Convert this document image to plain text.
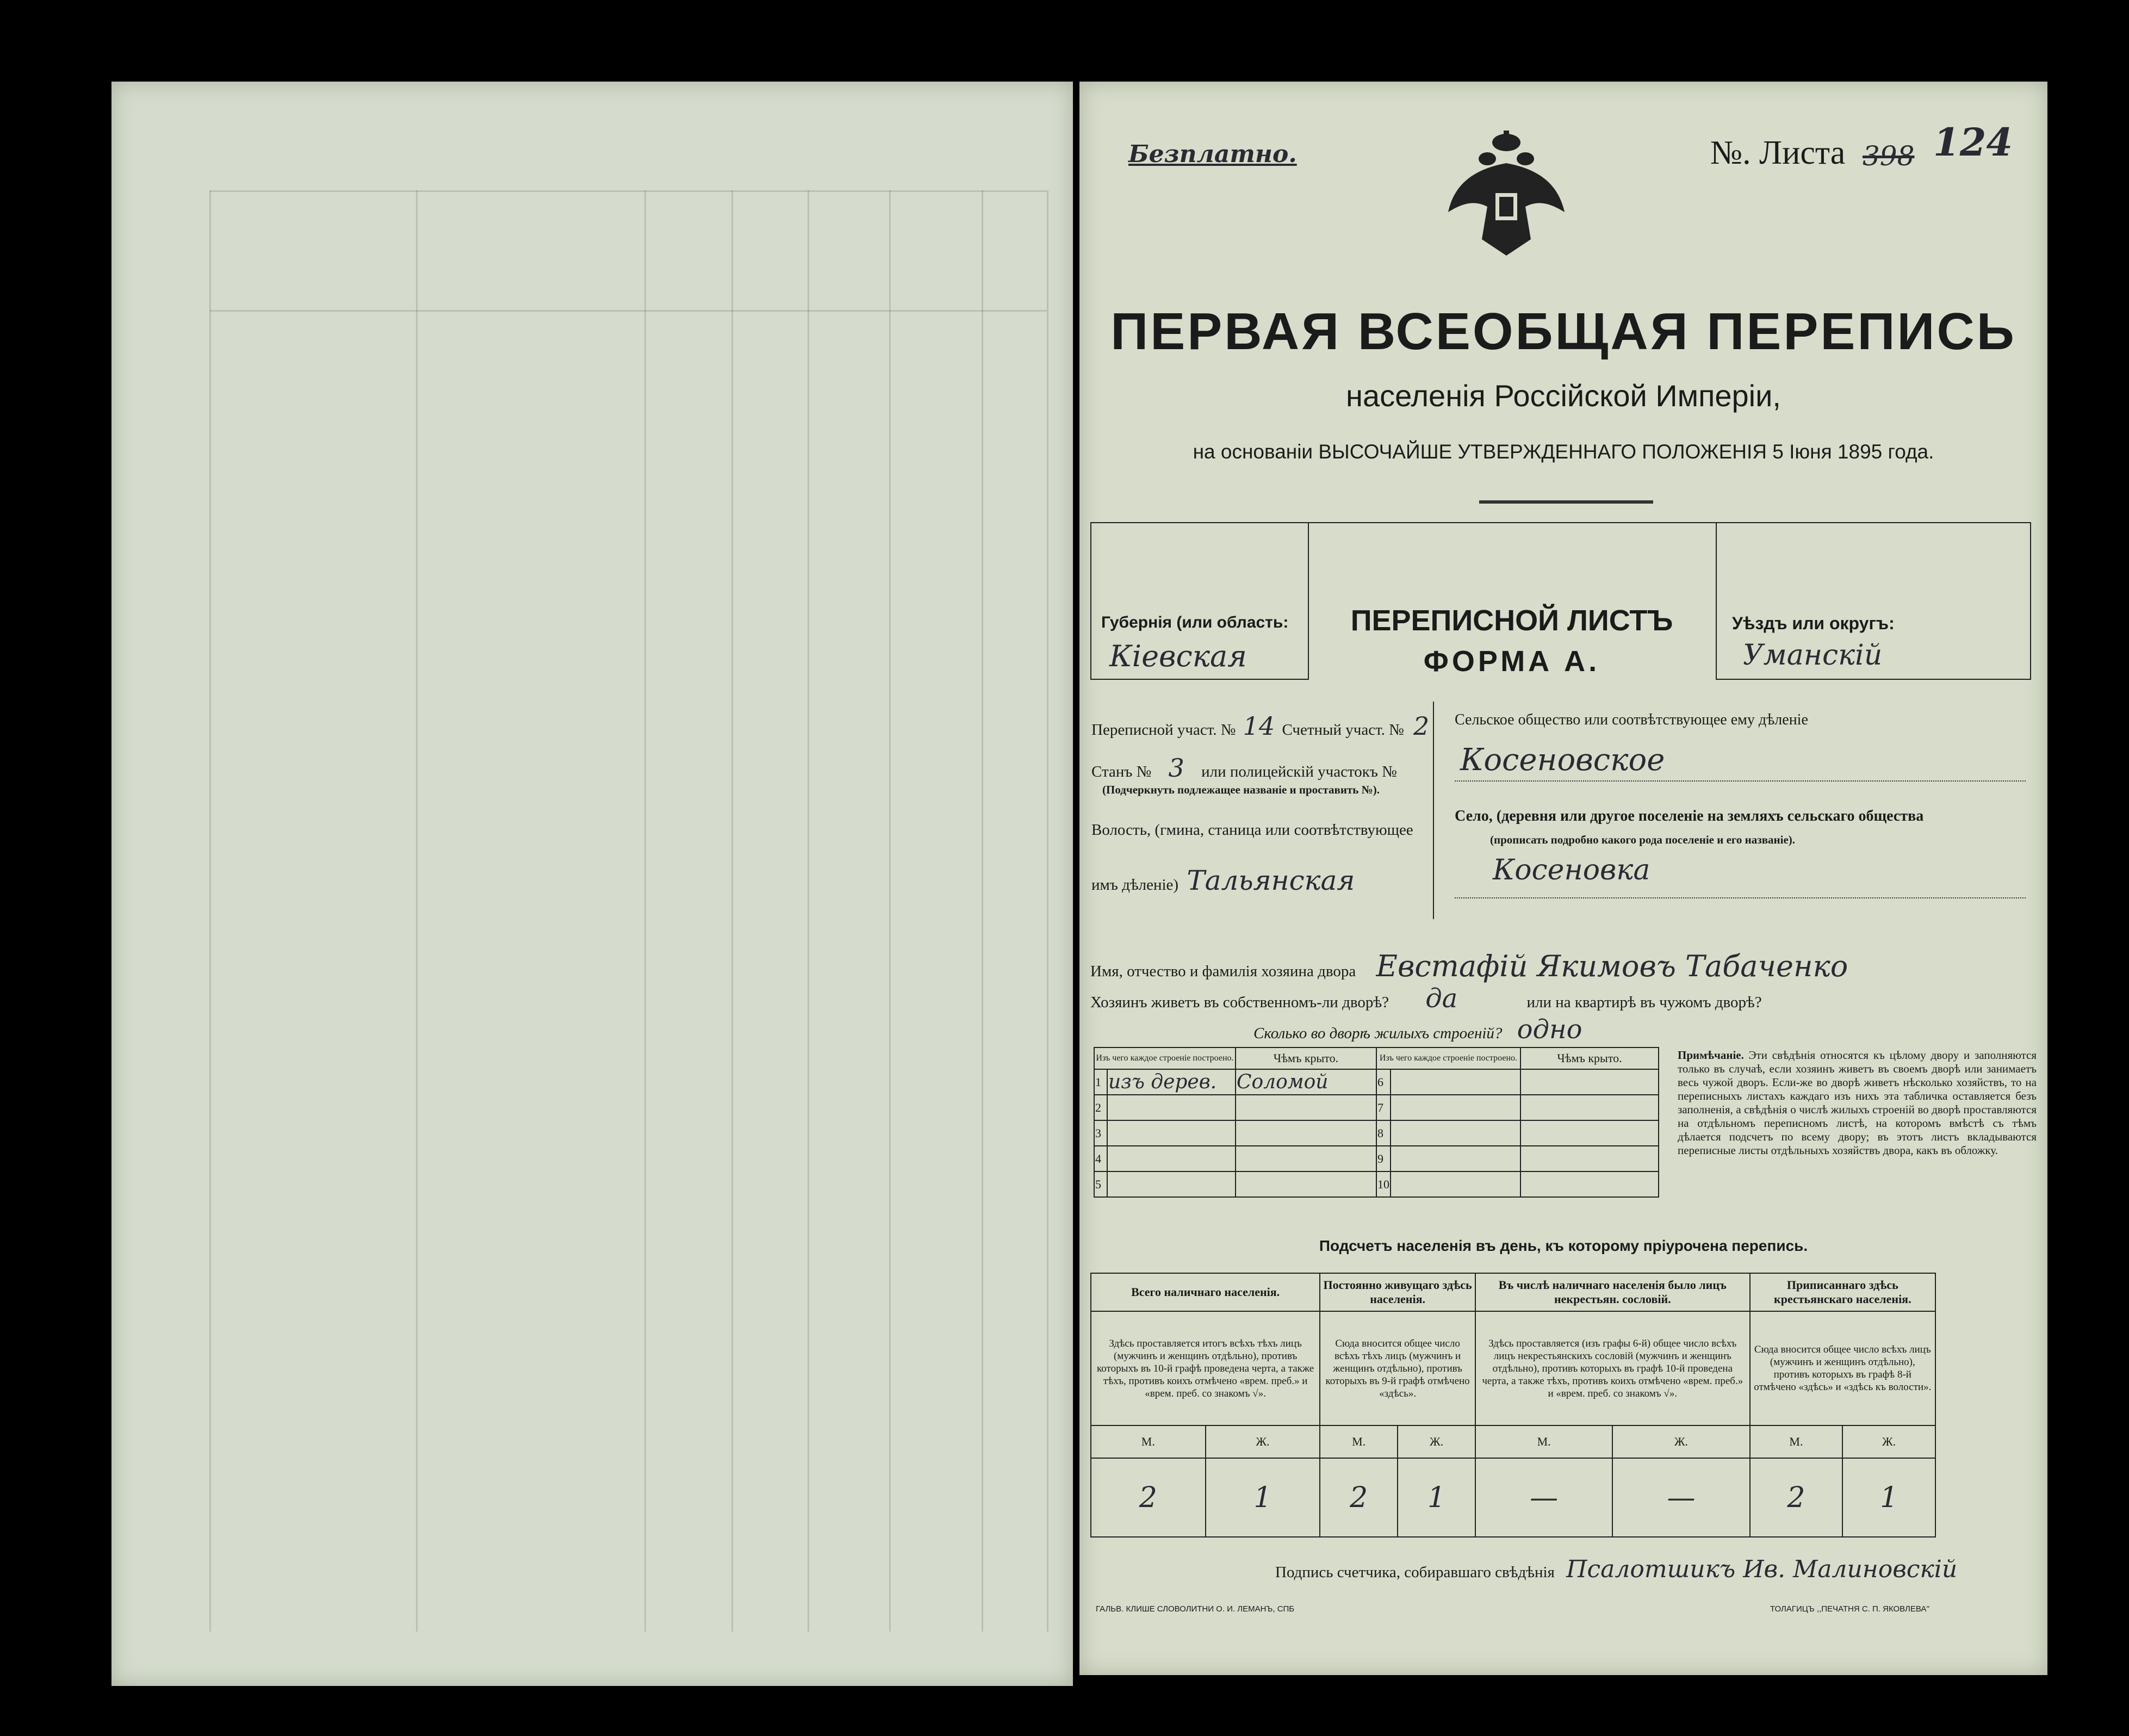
Безплатно.	№. Листа 398 124
ПЕРВАЯ ВСЕОБЩАЯ ПЕРЕПИСЬ
населенія Россійской Имперіи,
на основаніи ВЫСОЧАЙШЕ УТВЕРЖДЕННАГО ПОЛОЖЕНІЯ 5 Іюня 1895 года.
Губернія (или область:
Кіевская
ПЕРЕПИСНОЙ ЛИСТЪ
ФОРМА А.
Уѣздъ или округъ:
Уманскій
Переписной участ. № 14 Счетный участ. № 2
Станъ № 3 или полицейскій участокъ №
(Подчеркнуть подлежащее названіе и проставить №).
Волость, (гмина, станица или соотвѣтствующее
имъ дѣленіе) Тальянская
Сельское общество или соотвѣтствующее ему дѣленіе
Косеновское
Село, (деревня или другое поселеніе на земляхъ сельскаго общества
(прописать подробно какого рода поселеніе и его названіе).
Косеновка
Имя, отчество и фамилія хозяина двора Евстафій Якимовъ Табаченко
Хозяинъ живетъ въ собственномъ-ли дворѣ? да	или на квартирѣ въ чужомъ дворѣ?
Сколько во дворѣ жилыхъ строеній? одно
Изъ чего каждое строеніе построено.		Чѣмъ крыто.	Изъ чего каждое строеніе построено.		Чѣмъ крыто.
1	изъ дерев.	Соломой	6		
2			7		
3			8		
4			9		
5			10		
Примѣчаніе. Эти свѣдѣнія относятся къ цѣлому двору и заполняются только въ случаѣ, если хозяинъ живетъ въ своемъ дворѣ или занимаетъ весь чужой дворъ. Если-же во дворѣ живетъ нѣсколько хозяйствъ, то на переписныхъ листахъ каждаго изъ нихъ эта табличка оставляется безъ заполненія, а свѣдѣнія о числѣ жилыхъ строеній во дворѣ проставляются на отдѣльномъ переписномъ листѣ, на которомъ вмѣстѣ съ тѣмъ дѣлается подсчетъ по всему двору; въ этотъ листъ вкладываются переписные листы отдѣльныхъ хозяйствъ двора, какъ въ обложку.
Подсчетъ населенія въ день, къ которому пріурочена перепись.
Всего наличнаго населенія.		Постоянно живущаго здѣсь населенія.		Въ числѣ наличнаго населенія было лицъ некрестьян. сословій.		Приписаннаго здѣсь крестьянскаго населенія.	
Здѣсь проставляется итогъ всѣхъ тѣхъ лицъ (мужчинъ и женщинъ отдѣльно), противъ которыхъ въ 10-й графѣ проведена черта, а также тѣхъ, противъ коихъ отмѣчено «врем. преб.» и «врем. преб. со знакомъ √».		Сюда вносится общее число всѣхъ тѣхъ лицъ (мужчинъ и женщинъ отдѣльно), противъ которыхъ въ 9-й графѣ отмѣчено «здѣсь».		Здѣсь проставляется (изъ графы 6-й) общее число всѣхъ лицъ некрестьянскихъ сословій (мужчинъ и женщинъ отдѣльно), противъ которыхъ въ графѣ 10-й проведена черта, а также тѣхъ, противъ коихъ отмѣчено «врем. преб.» и «врем. преб. со знакомъ √».		Сюда вносится общее число всѣхъ лицъ (мужчинъ и женщинъ отдѣльно), противъ которыхъ въ графѣ 8-й отмѣчено «здѣсь» и «здѣсь къ волости».	
М.	Ж.	М.	Ж.	М.	Ж.	М.	Ж.
2	1	2	1	—	—	2	1
Подпись счетчика, собиравшаго свѣдѣнія Псалотшикъ Ив. Малиновскій
ГАЛЬВ. КЛИШЕ СЛОВОЛИТНИ О. И. ЛЕМАНЪ, СПБ	ТОЛАГИЦЪ ,,ПЕЧАТНЯ С. П. ЯКОВЛЕВА''
